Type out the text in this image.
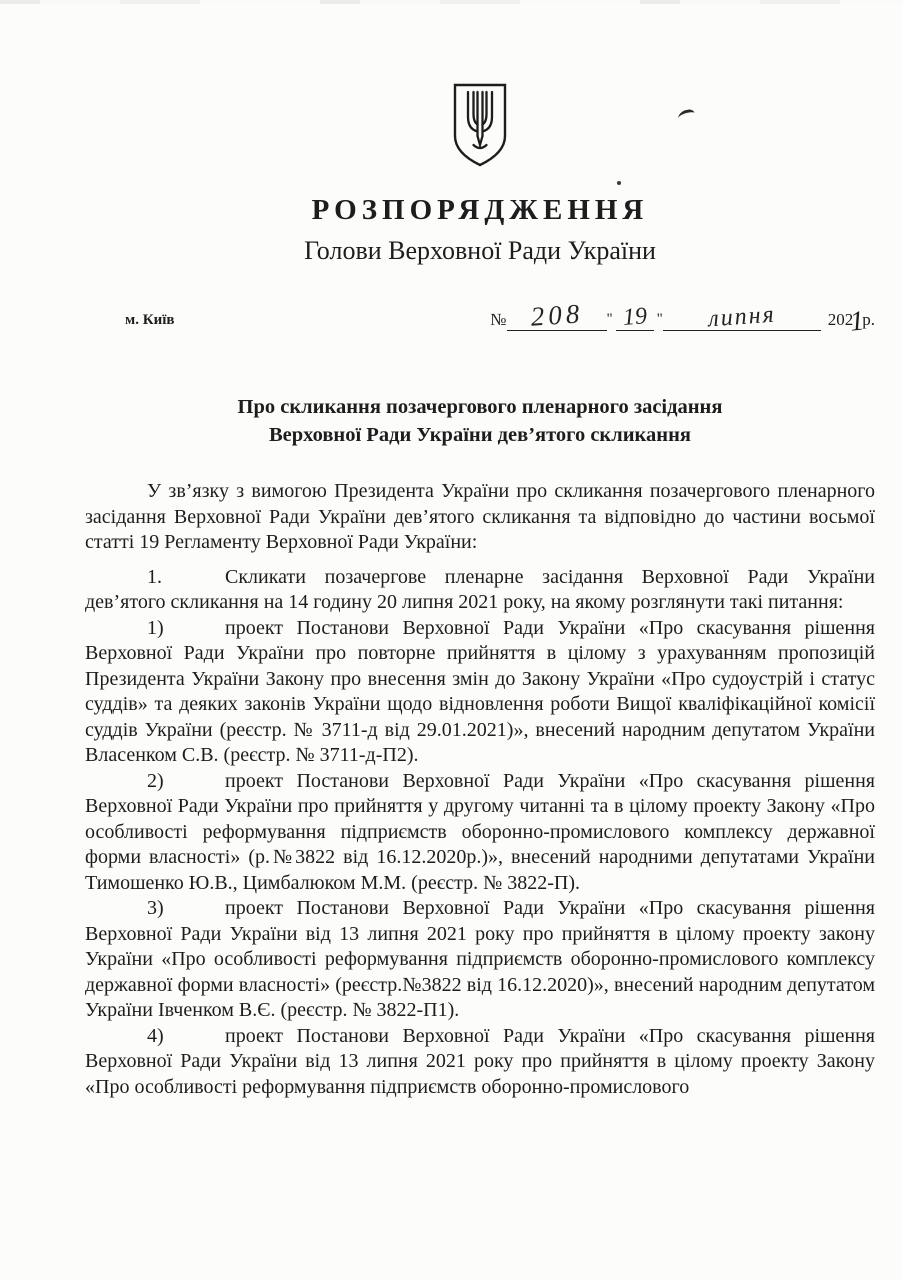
РОЗПОРЯДЖЕННЯ
Голови Верховної Ради України
м. Київ	№ 208 " 19 " липня	202
1
р.
Про скликання позачергового пленарного засідання
Верховної Ради України дев’ятого скликання

У зв’язку з вимогою Президента України про скликання позачергового пленарного засідання Верховної Ради України дев’ятого скликання та відповідно до частини восьмої статті 19 Регламенту Верховної Ради України:

1.	Скликати позачергове пленарне засідання Верховної Ради України дев’ятого скликання на 14 годину 20 липня 2021 року, на якому розглянути такі питання:

1)	проект Постанови Верховної Ради України «Про скасування рішення Верховної Ради України про повторне прийняття в цілому з урахуванням пропозицій Президента України Закону про внесення змін до Закону України «Про судоустрій і статус суддів» та деяких законів України щодо відновлення роботи Вищої кваліфікаційної комісії суддів України (реєстр. № 3711-д від 29.01.2021)», внесений народним депутатом України Власенком С.В. (реєстр. № 3711-д-П2).

2)	проект Постанови Верховної Ради України «Про скасування рішення Верховної Ради України про прийняття у другому читанні та в цілому проекту Закону «Про особливості реформування підприємств оборонно-промислового комплексу державної форми власності» (р.№3822 від 16.12.2020р.)», внесений народними депутатами України Тимошенко Ю.В., Цимбалюком М.М. (реєстр. № 3822-П).

3)	проект Постанови Верховної Ради України «Про скасування рішення Верховної Ради України від 13 липня 2021 року про прийняття в цілому проекту закону України «Про особливості реформування підприємств оборонно-промислового комплексу державної форми власності» (реєстр.№3822 від 16.12.2020)», внесений народним депутатом України Івченком В.Є. (реєстр. № 3822-П1).

4)	проект Постанови Верховної Ради України «Про скасування рішення Верховної Ради України від 13 липня 2021 року про прийняття в цілому проекту Закону «Про особливості реформування підприємств оборонно-промислового
